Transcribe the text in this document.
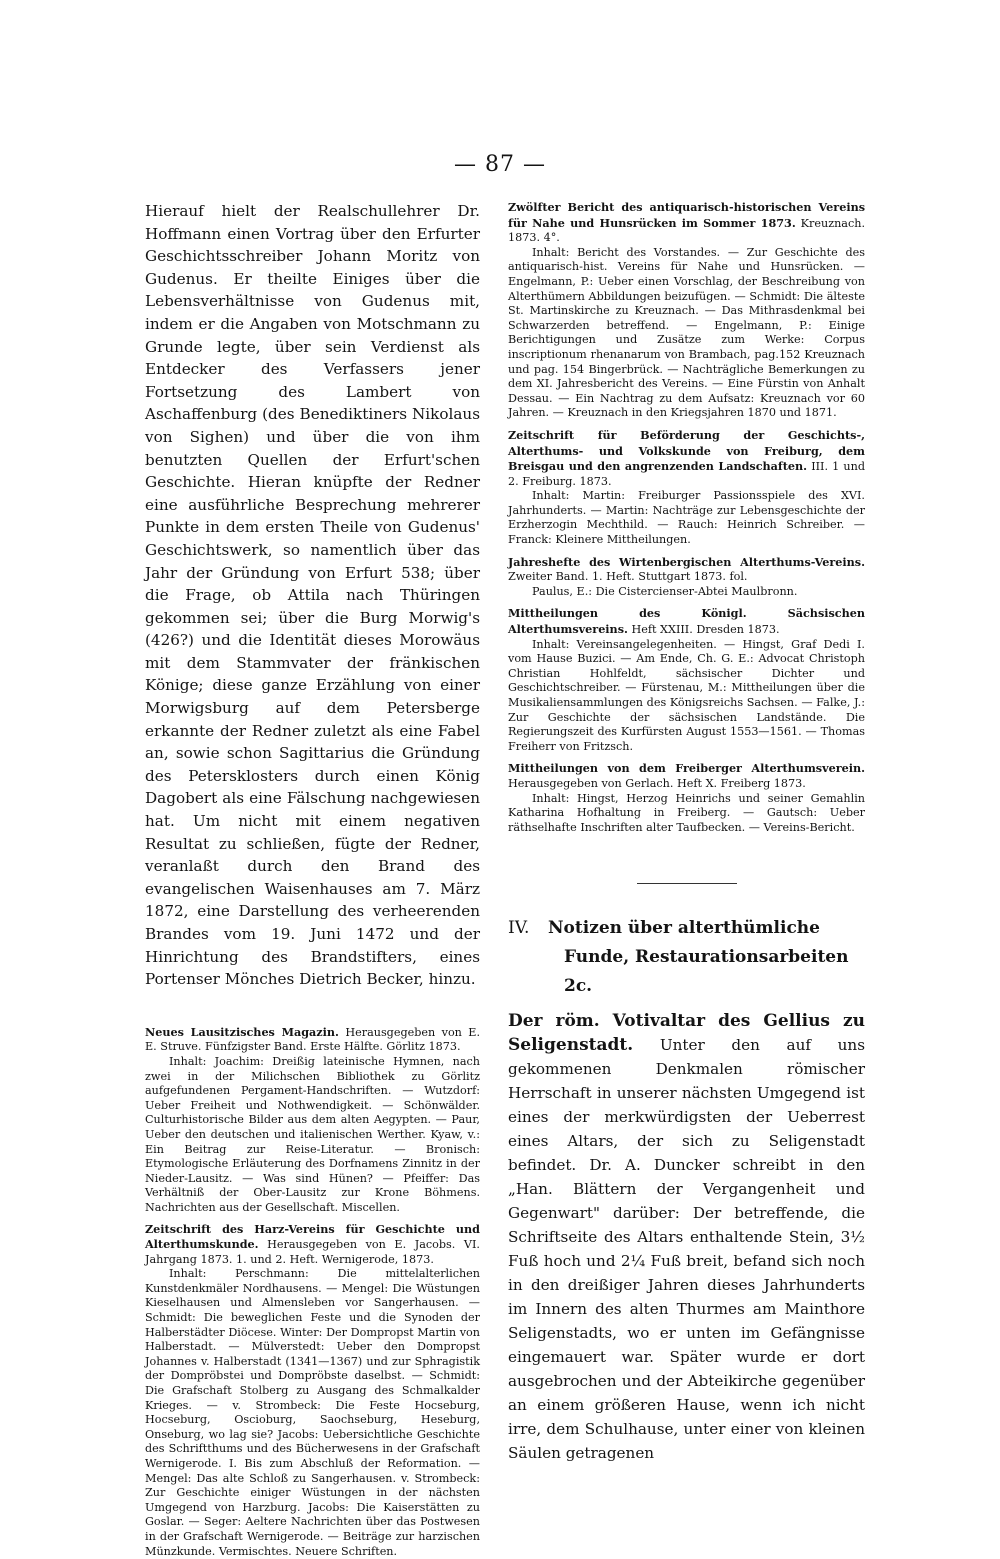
— 87 —

Hierauf hielt der Realschullehrer Dr. Hoffmann einen Vortrag über den Erfurter Geschichtsschreiber Johann Moritz von Gudenus. Er theilte Einiges über die Lebensverhältnisse von Gudenus mit, indem er die Angaben von Motschmann zu Grunde legte, über sein Verdienst als Entdecker des Verfassers jener Fortsetzung des Lambert von Aschaffenburg (des Benediktiners Nikolaus von Sighen) und über die von ihm benutzten Quellen der Erfurt'schen Geschichte. Hieran knüpfte der Redner eine ausführliche Besprechung mehrerer Punkte in dem ersten Theile von Gudenus' Geschichtswerk, so namentlich über das Jahr der Gründung von Erfurt 538; über die Frage, ob Attila nach Thüringen gekommen sei; über die Burg Morwig's (426?) und die Identität dieses Morowäus mit dem Stammvater der fränkischen Könige; diese ganze Erzählung von einer Morwigsburg auf dem Petersberge erkannte der Redner zuletzt als eine Fabel an, sowie schon Sagittarius die Gründung des Petersklosters durch einen König Dagobert als eine Fälschung nachgewiesen hat. Um nicht mit einem negativen Resultat zu schließen, fügte der Redner, veranlaßt durch den Brand des evangelischen Waisenhauses am 7. März 1872, eine Darstellung des verheerenden Brandes vom 19. Juni 1472 und der Hinrichtung des Brandstifters, eines Portenser Mönches Dietrich Becker, hinzu.

Neues Lausitzisches Magazin. Herausgegeben von E. E. Struve. Fünfzigster Band. Erste Hälfte. Görlitz 1873.

Inhalt: Joachim: Dreißig lateinische Hymnen, nach zwei in der Milichschen Bibliothek zu Görlitz aufgefundenen Pergament-Handschriften. — Wutzdorf: Ueber Freiheit und Nothwendigkeit. — Schönwälder. Culturhistorische Bilder aus dem alten Aegypten. — Paur, Ueber den deutschen und italienischen Werther. Kyaw, v.: Ein Beitrag zur Reise-Literatur. — Bronisch: Etymologische Erläuterung des Dorfnamens Zinnitz in der Nieder-Lausitz. — Was sind Hünen? — Pfeiffer: Das Verhältniß der Ober-Lausitz zur Krone Böhmens. Nachrichten aus der Gesellschaft. Miscellen.

Zeitschrift des Harz-Vereins für Geschichte und Alterthumskunde. Herausgegeben von E. Jacobs. VI. Jahrgang 1873. 1. und 2. Heft. Wernigerode, 1873.

Inhalt: Perschmann: Die mittelalterlichen Kunstdenkmäler Nordhausens. — Mengel: Die Wüstungen Kieselhausen und Almensleben vor Sangerhausen. — Schmidt: Die beweglichen Feste und die Synoden der Halberstädter Diöcese. Winter: Der Dompropst Martin von Halberstadt. — Mülverstedt: Ueber den Dompropst Johannes v. Halberstadt (1341—1367) und zur Sphragistik der Dompröbstei und Dompröbste daselbst. — Schmidt: Die Grafschaft Stolberg zu Ausgang des Schmalkalder Krieges. — v. Strombeck: Die Feste Hocseburg, Hocseburg, Oscioburg, Saochseburg, Heseburg, Onseburg, wo lag sie? Jacobs: Uebersichtliche Geschichte des Schriftthums und des Bücherwesens in der Grafschaft Wernigerode. I. Bis zum Abschluß der Reformation. — Mengel: Das alte Schloß zu Sangerhausen. v. Strombeck: Zur Geschichte einiger Wüstungen in der nächsten Umgegend von Harzburg. Jacobs: Die Kaiserstätten zu Goslar. — Seger: Aeltere Nachrichten über das Postwesen in der Grafschaft Wernigerode. — Beiträge zur harzischen Münzkunde. Vermischtes. Neuere Schriften.

Zwölfter Bericht des antiquarisch-historischen Vereins für Nahe und Hunsrücken im Sommer 1873. Kreuznach. 1873. 4°.

Inhalt: Bericht des Vorstandes. — Zur Geschichte des antiquarisch-hist. Vereins für Nahe und Hunsrücken. — Engelmann, P.: Ueber einen Vorschlag, der Beschreibung von Alterthümern Abbildungen beizufügen. — Schmidt: Die älteste St. Martinskirche zu Kreuznach. — Das Mithrasdenkmal bei Schwarzerden betreffend. — Engelmann, P.: Einige Berichtigungen und Zusätze zum Werke: Corpus inscriptionum rhenanarum von Brambach, pag.152 Kreuznach und pag. 154 Bingerbrück. — Nachträgliche Bemerkungen zu dem XI. Jahresbericht des Vereins. — Eine Fürstin von Anhalt Dessau. — Ein Nachtrag zu dem Aufsatz: Kreuznach vor 60 Jahren. — Kreuznach in den Kriegsjahren 1870 und 1871.

Zeitschrift für Beförderung der Geschichts-, Alterthums- und Volkskunde von Freiburg, dem Breisgau und den angrenzenden Landschaften. III. 1 und 2. Freiburg. 1873.

Inhalt: Martin: Freiburger Passionsspiele des XVI. Jahrhunderts. — Martin: Nachträge zur Lebensgeschichte der Erzherzogin Mechthild. — Rauch: Heinrich Schreiber. — Franck: Kleinere Mittheilungen.

Jahreshefte des Wirtenbergischen Alterthums-Vereins. Zweiter Band. 1. Heft. Stuttgart 1873. fol.

Paulus, E.: Die Cistercienser-Abtei Maulbronn.

Mittheilungen des Königl. Sächsischen Alterthumsvereins. Heft XXIII. Dresden 1873.

Inhalt: Vereinsangelegenheiten. — Hingst, Graf Dedi I. vom Hause Buzici. — Am Ende, Ch. G. E.: Advocat Christoph Christian Hohlfeldt, sächsischer Dichter und Geschichtschreiber. — Fürstenau, M.: Mittheilungen über die Musikaliensammlungen des Königsreichs Sachsen. — Falke, J.: Zur Geschichte der sächsischen Landstände. Die Regierungszeit des Kurfürsten August 1553—1561. — Thomas Freiherr von Fritzsch.

Mittheilungen von dem Freiberger Alterthumsverein. Herausgegeben von Gerlach. Heft X. Freiberg 1873.

Inhalt: Hingst, Herzog Heinrichs und seiner Gemahlin Katharina Hofhaltung in Freiberg. — Gautsch: Ueber räthselhafte Inschriften alter Taufbecken. — Vereins-Bericht.

IV. Notizen über alterthümliche Funde, Restaurationsarbeiten 2c.

Der röm. Votivaltar des Gellius zu Seligenstadt. Unter den auf uns gekommenen Denkmalen römischer Herrschaft in unserer nächsten Umgegend ist eines der merkwürdigsten der Ueberrest eines Altars, der sich zu Seligenstadt befindet. Dr. A. Duncker schreibt in den „Han. Blättern der Vergangenheit und Gegenwart" darüber: Der betreffende, die Schriftseite des Altars enthaltende Stein, 3½ Fuß hoch und 2¼ Fuß breit, befand sich noch in den dreißiger Jahren dieses Jahrhunderts im Innern des alten Thurmes am Mainthore Seligenstadts, wo er unten im Gefängnisse eingemauert war. Später wurde er dort ausgebrochen und der Abteikirche gegenüber an einem größeren Hause, wenn ich nicht irre, dem Schulhause, unter einer von kleinen Säulen getragenen
